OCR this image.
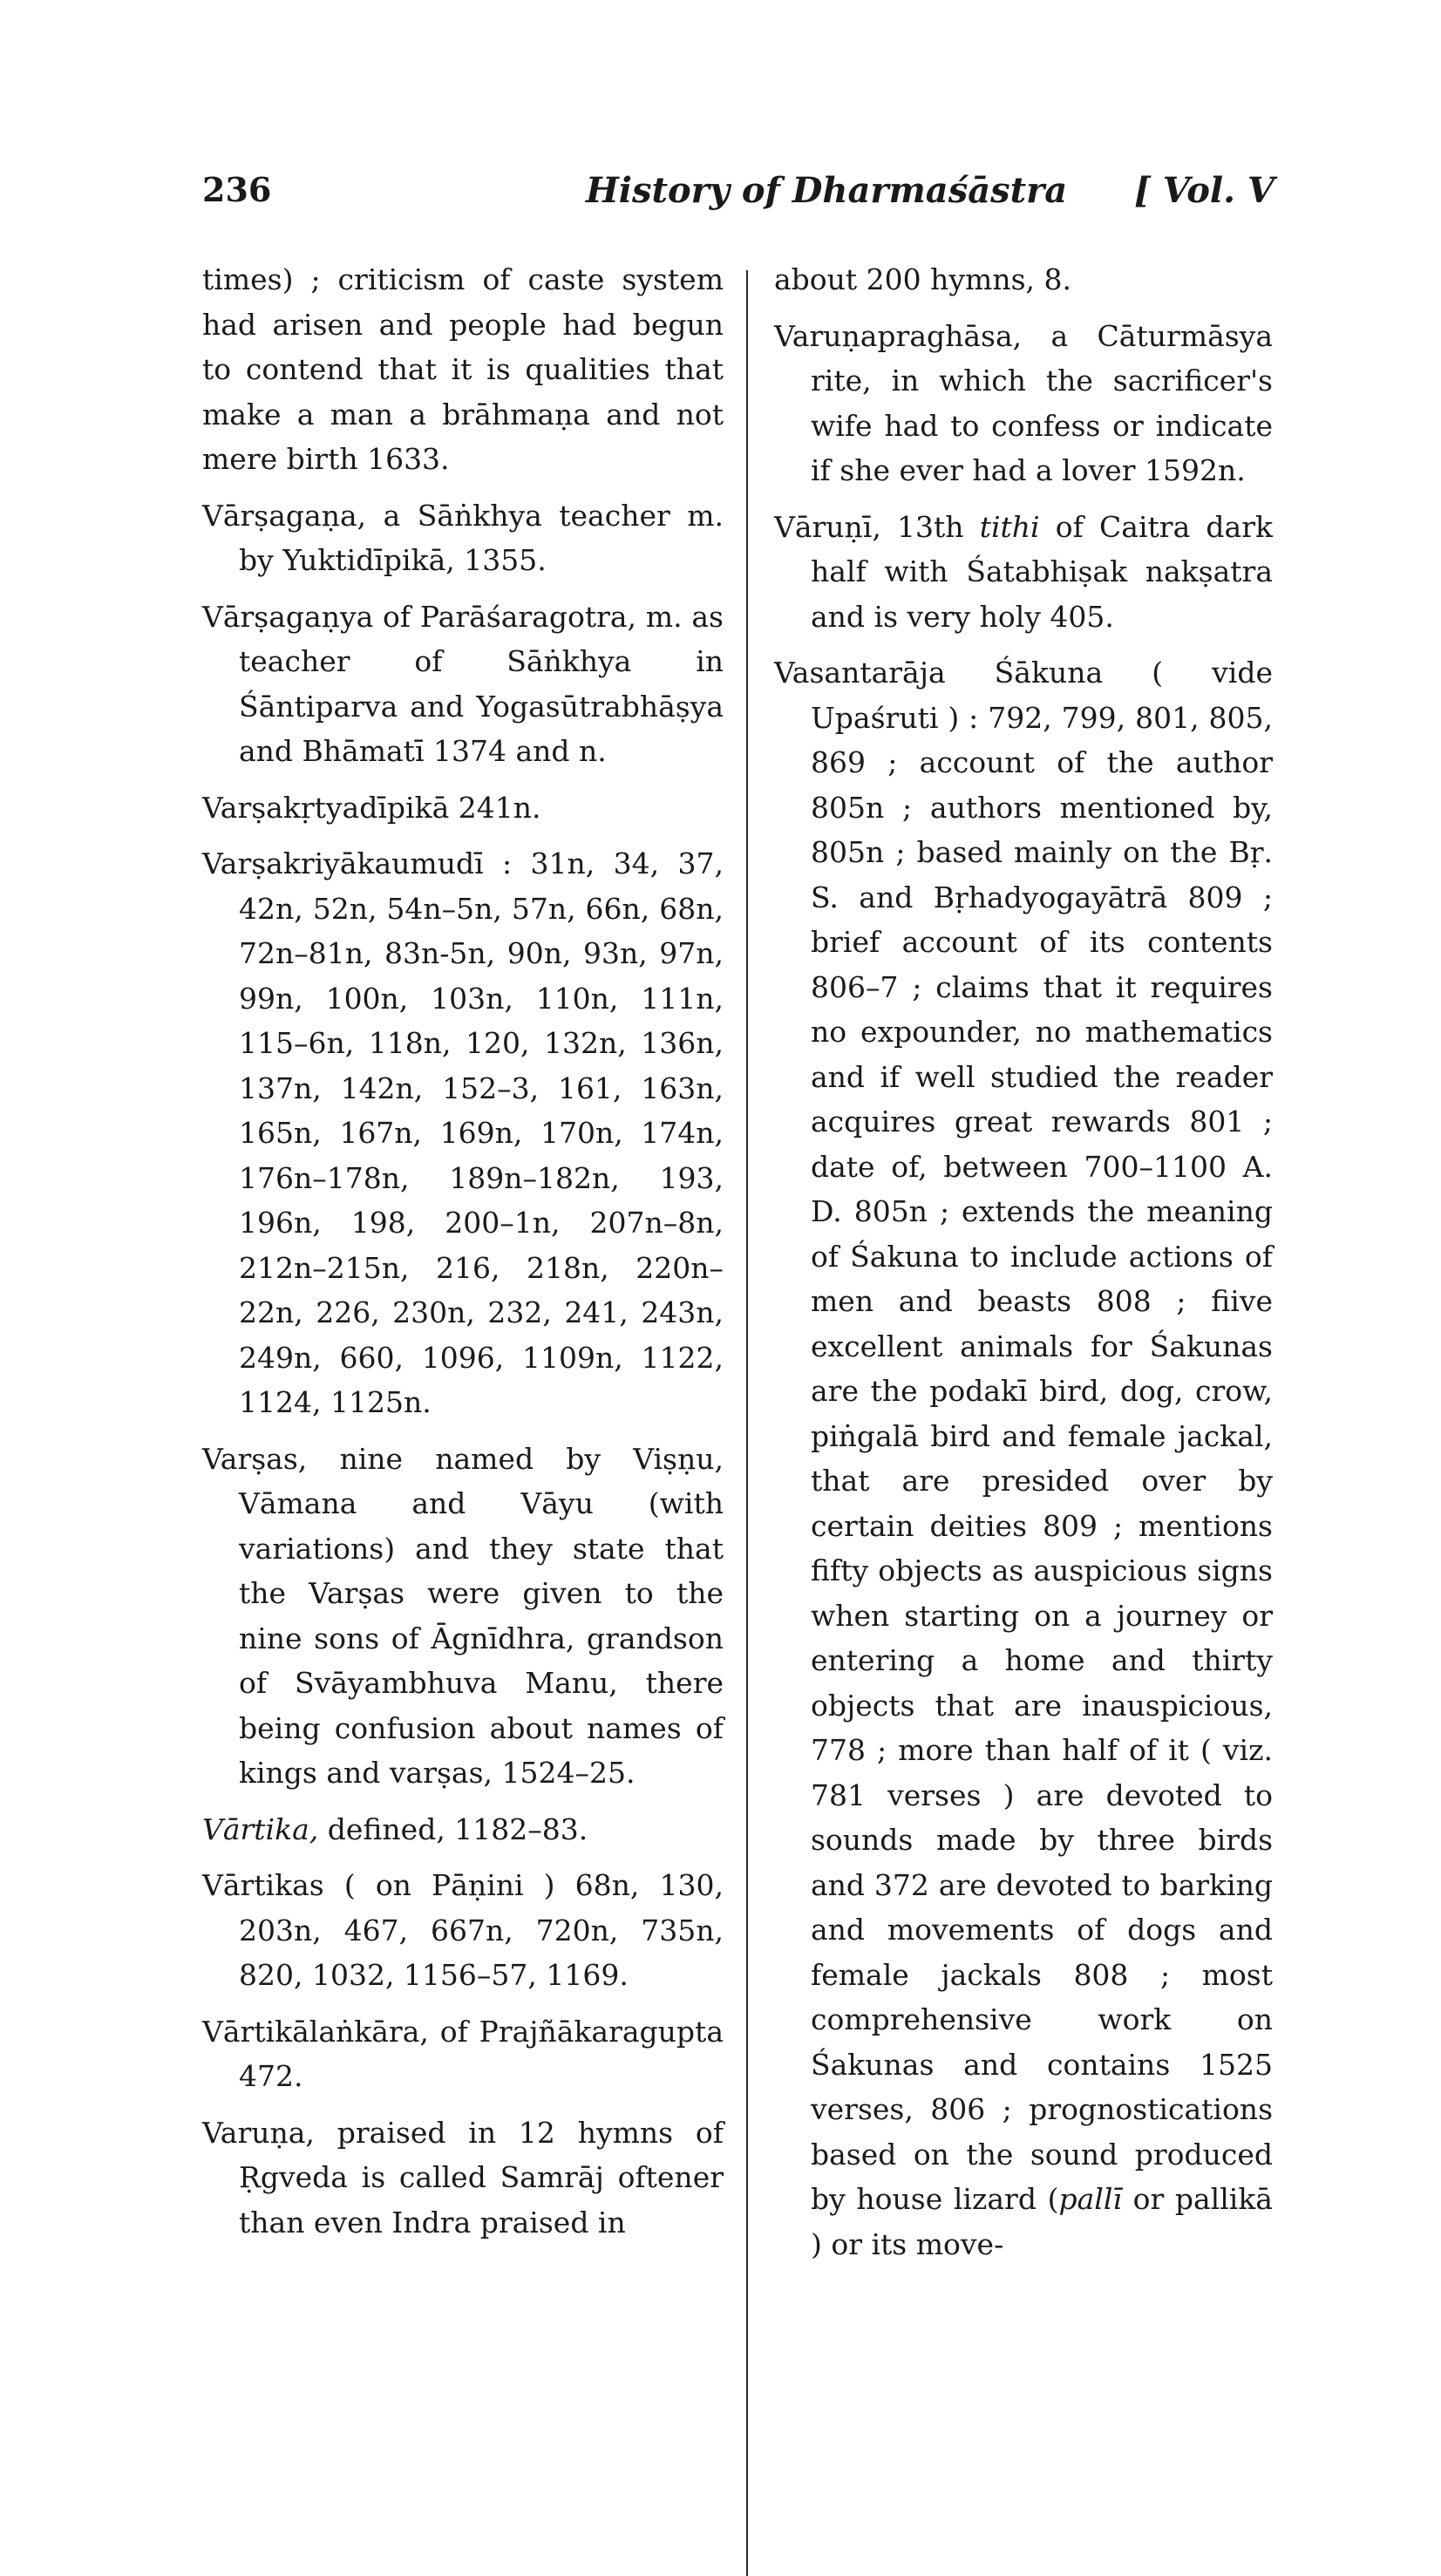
236	History of Dharmaśāstra [ Vol. V
times) ; criticism of caste system had arisen and people had begun to contend that it is qualities that make a man a brāhmaṇa and not mere birth 1633.
Vārṣagaṇa, a Sāṅkhya teacher m. by Yuktidīpikā, 1355.
Vārṣagaṇya of Parāśaragotra, m. as teacher of Sāṅkhya in Śāntiparva and Yogasūtrabhāṣya and Bhāmatī 1374 and n.
Varṣakṛtyadīpikā 241n.
Varṣakriyākaumudī : 31n, 34, 37, 42n, 52n, 54n–5n, 57n, 66n, 68n, 72n–81n, 83n-5n, 90n, 93n, 97n, 99n, 100n, 103n, 110n, 111n, 115–6n, 118n, 120, 132n, 136n, 137n, 142n, 152–3, 161, 163n, 165n, 167n, 169n, 170n, 174n, 176n–178n, 189n–182n, 193, 196n, 198, 200–1n, 207n–8n, 212n–215n, 216, 218n, 220n–22n, 226, 230n, 232, 241, 243n, 249n, 660, 1096, 1109n, 1122, 1124, 1125n.
Varṣas, nine named by Viṣṇu, Vāmana and Vāyu (with variations) and they state that the Varṣas were given to the nine sons of Āgnīdhra, grandson of Svāyambhuva Manu, there being confusion about names of kings and varṣas, 1524–25.
Vārtika, defined, 1182–83.
Vārtikas ( on Pāṇini ) 68n, 130, 203n, 467, 667n, 720n, 735n, 820, 1032, 1156–57, 1169.
Vārtikālaṅkāra, of Prajñākaragupta 472.
Varuṇa, praised in 12 hymns of Ṛgveda is called Samrāj oftener than even Indra praised in
about 200 hymns, 8.
Varuṇapraghāsa, a Cāturmāsya rite, in which the sacrificer's wife had to confess or indicate if she ever had a lover 1592n.
Vāruṇī, 13th tithi of Caitra dark half with Śatabhiṣak nakṣatra and is very holy 405.
Vasantarāja Śākuna ( vide Upaśruti ) : 792, 799, 801, 805, 869 ; account of the author 805n ; authors mentioned by, 805n ; based mainly on the Bṛ. S. and Bṛhadyogayātrā 809 ; brief account of its contents 806–7 ; claims that it requires no expounder, no mathematics and if well studied the reader acquires great rewards 801 ; date of, between 700–1100 A. D. 805n ; extends the meaning of Śakuna to include actions of men and beasts 808 ; fiive excellent animals for Śakunas are the podakī bird, dog, crow, piṅgalā bird and female jackal, that are presided over by certain deities 809 ; mentions fifty objects as auspicious signs when starting on a journey or entering a home and thirty objects that are inauspicious, 778 ; more than half of it ( viz. 781 verses ) are devoted to sounds made by three birds and 372 are devoted to barking and movements of dogs and female jackals 808 ; most comprehensive work on Śakunas and contains 1525 verses, 806 ; prognostications based on the sound produced by house lizard (pallī or pallikā ) or its move-
